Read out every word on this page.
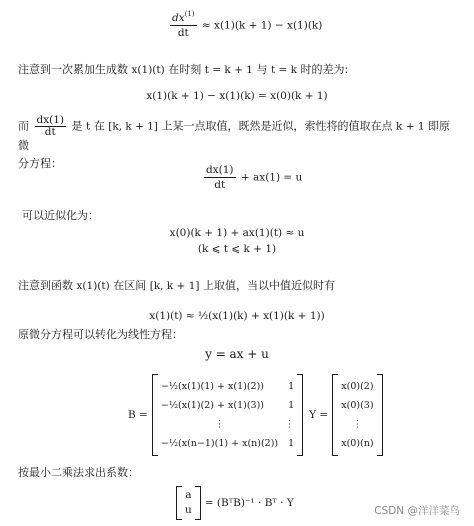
$\frac{dx^{(1)}}{dt} \approx x(1)(k + 1) - x(1)(k)$
注意到一次累加生成数 x(1)(t) 在时刻 t = k + 1 与 t = k 时的差为:
x(1)(k + 1) − x(1)(k) = x(0)(k + 1)
而 $\frac{dx(1)}{dt}$ 是 t 在 [k, k + 1] 上某一点取值，既然是近似，索性将的值取在点 k + 1 即原微
分方程：
$\frac{dx(1)}{dt} + ax(1) = u$
可以近似化为：
x(0)(k + 1) + ax(1)(t) ≈ u
(k ⩽ t ⩽ k + 1)
注意到函数 x(1)(t) 在区间 [k, k + 1] 上取值，当以中值近似时有
x(1)(t) ≈ ½(x(1)(k) + x(1)(k + 1))
原微分方程可以转化为线性方程：
y = ax + u
B =
−½(x(1)(1) + x(1)(2))	1
−½(x(1)(2) + x(1)(3))	1
⋮	⋮
−½(x(n−1)(1) + x(n)(2))	1
Y =
x(0)(2)
x(0)(3)
⋮
x(0)(n)
按最小二乘法求出系数：
a
u
= (BᵀB)⁻¹ · Bᵀ · Y
CSDN @洋洋菜鸟
